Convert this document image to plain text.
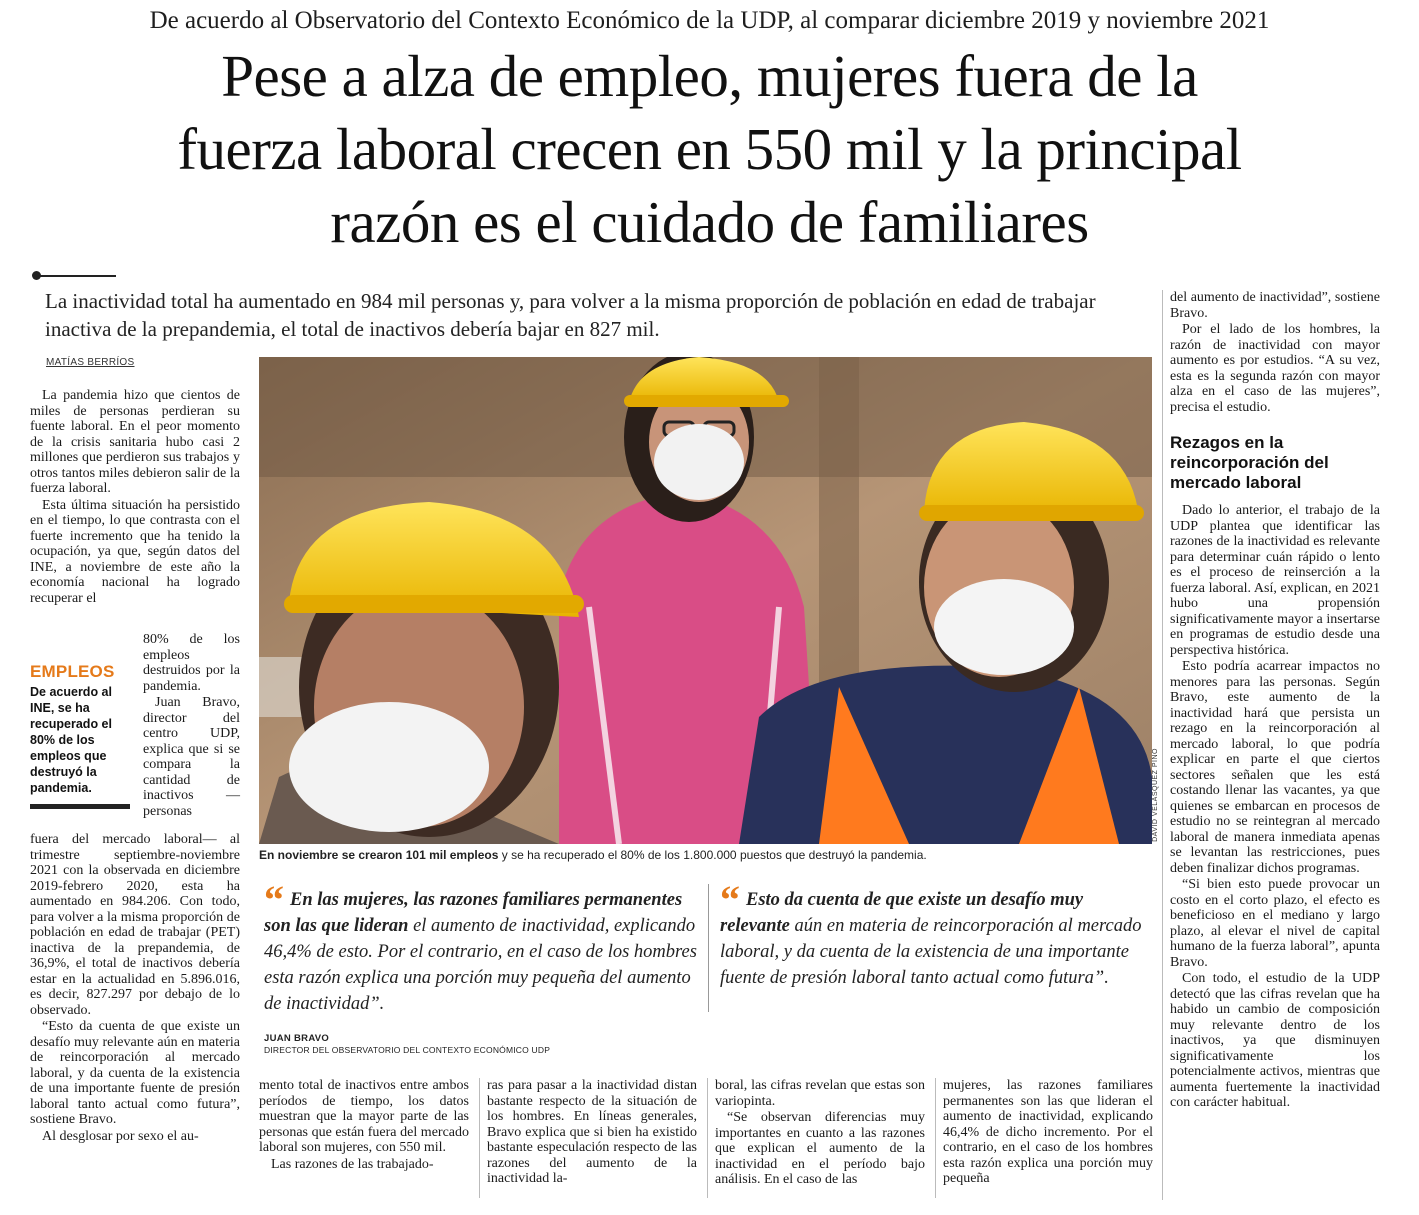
De acuerdo al Observatorio del Contexto Económico de la UDP, al comparar diciembre 2019 y noviembre 2021
Pese a alza de empleo, mujeres fuera de la
fuerza laboral crecen en 550 mil y la principal
razón es el cuidado de familiares
La inactividad total ha aumentado en 984 mil personas y, para volver a la misma proporción de población en edad de trabajar inactiva de la prepandemia, el total de inactivos debería bajar en 827 mil.
MATÍAS BERRÍOS

La pandemia hizo que cientos de miles de personas perdieran su fuente laboral. En el peor momento de la crisis sanitaria hubo casi 2 millones que perdieron sus trabajos y otros tantos miles debieron salir de la fuerza laboral.

Esta última situación ha persistido en el tiempo, lo que contrasta con el fuerte incremento que ha tenido la ocupación, ya que, según datos del INE, a noviembre de este año la economía nacional ha logrado recuperar el

80% de los empleos destruidos por la pandemia.

Juan Bravo, director del centro UDP, explica que si se compara la cantidad de inactivos —personas

EMPLEOS
De acuerdo al INE, se ha recuperado el 80% de los empleos que destruyó la pandemia.

fuera del mercado laboral— al trimestre septiembre-noviembre 2021 con la observada en diciembre 2019-febrero 2020, esta ha aumentado en 984.206. Con todo, para volver a la misma proporción de población en edad de trabajar (PET) inactiva de la prepandemia, de 36,9%, el total de inactivos debería estar en la actualidad en 5.896.016, es decir, 827.297 por debajo de lo observado.

“Esto da cuenta de que existe un desafío muy relevante aún en materia de reincorporación al mercado laboral, y da cuenta de la existencia de una importante fuente de presión laboral tanto actual como futura”, sostiene Bravo.

Al desglosar por sexo el au-

DAVID VELÁSQUEZ PINO
En noviembre se crearon 101 mil empleos y se ha recuperado el 80% de los 1.800.000 puestos que destruyó la pandemia.
“ En las mujeres, las razones familiares permanentes son las que lideran el aumento de inactividad, explicando 46,4% de esto. Por el contrario, en el caso de los hombres esta razón explica una porción muy pequeña del aumento de inactividad”.
“ Esto da cuenta de que existe un desafío muy relevante aún en materia de reincorporación al mercado laboral, y da cuenta de la existencia de una importante fuente de presión laboral tanto actual como futura”.
JUAN BRAVO
DIRECTOR DEL OBSERVATORIO DEL CONTEXTO ECONÓMICO UDP

mento total de inactivos entre ambos períodos de tiempo, los datos muestran que la mayor parte de las personas que están fuera del mercado laboral son mujeres, con 550 mil.

Las razones de las trabajado-

ras para pasar a la inactividad distan bastante respecto de la situación de los hombres. En líneas generales, Bravo explica que si bien ha existido bastante especulación respecto de las razones del aumento de la inactividad la-

boral, las cifras revelan que estas son variopinta.

“Se observan diferencias muy importantes en cuanto a las razones que explican el aumento de la inactividad en el período bajo análisis. En el caso de las

mujeres, las razones familiares permanentes son las que lideran el aumento de inactividad, explicando 46,4% de dicho incremento. Por el contrario, en el caso de los hombres esta razón explica una porción muy pequeña

del aumento de inactividad”, sostiene Bravo.

Por el lado de los hombres, la razón de inactividad con mayor aumento es por estudios. “A su vez, esta es la segunda razón con mayor alza en el caso de las mujeres”, precisa el estudio.

Rezagos en la reincorporación del mercado laboral

Dado lo anterior, el trabajo de la UDP plantea que identificar las razones de la inactividad es relevante para determinar cuán rápido o lento es el proceso de reinserción a la fuerza laboral. Así, explican, en 2021 hubo una propensión significativamente mayor a insertarse en programas de estudio desde una perspectiva histórica.

Esto podría acarrear impactos no menores para las personas. Según Bravo, este aumento de la inactividad hará que persista un rezago en la reincorporación al mercado laboral, lo que podría explicar en parte el que ciertos sectores señalen que les está costando llenar las vacantes, ya que quienes se embarcan en procesos de estudio no se reintegran al mercado laboral de manera inmediata apenas se levantan las restricciones, pues deben finalizar dichos programas.

“Si bien esto puede provocar un costo en el corto plazo, el efecto es beneficioso en el mediano y largo plazo, al elevar el nivel de capital humano de la fuerza laboral”, apunta Bravo.

Con todo, el estudio de la UDP detectó que las cifras revelan que ha habido un cambio de composición muy relevante dentro de los inactivos, ya que disminuyen significativamente los potencialmente activos, mientras que aumenta fuertemente la inactividad con carácter habitual.
